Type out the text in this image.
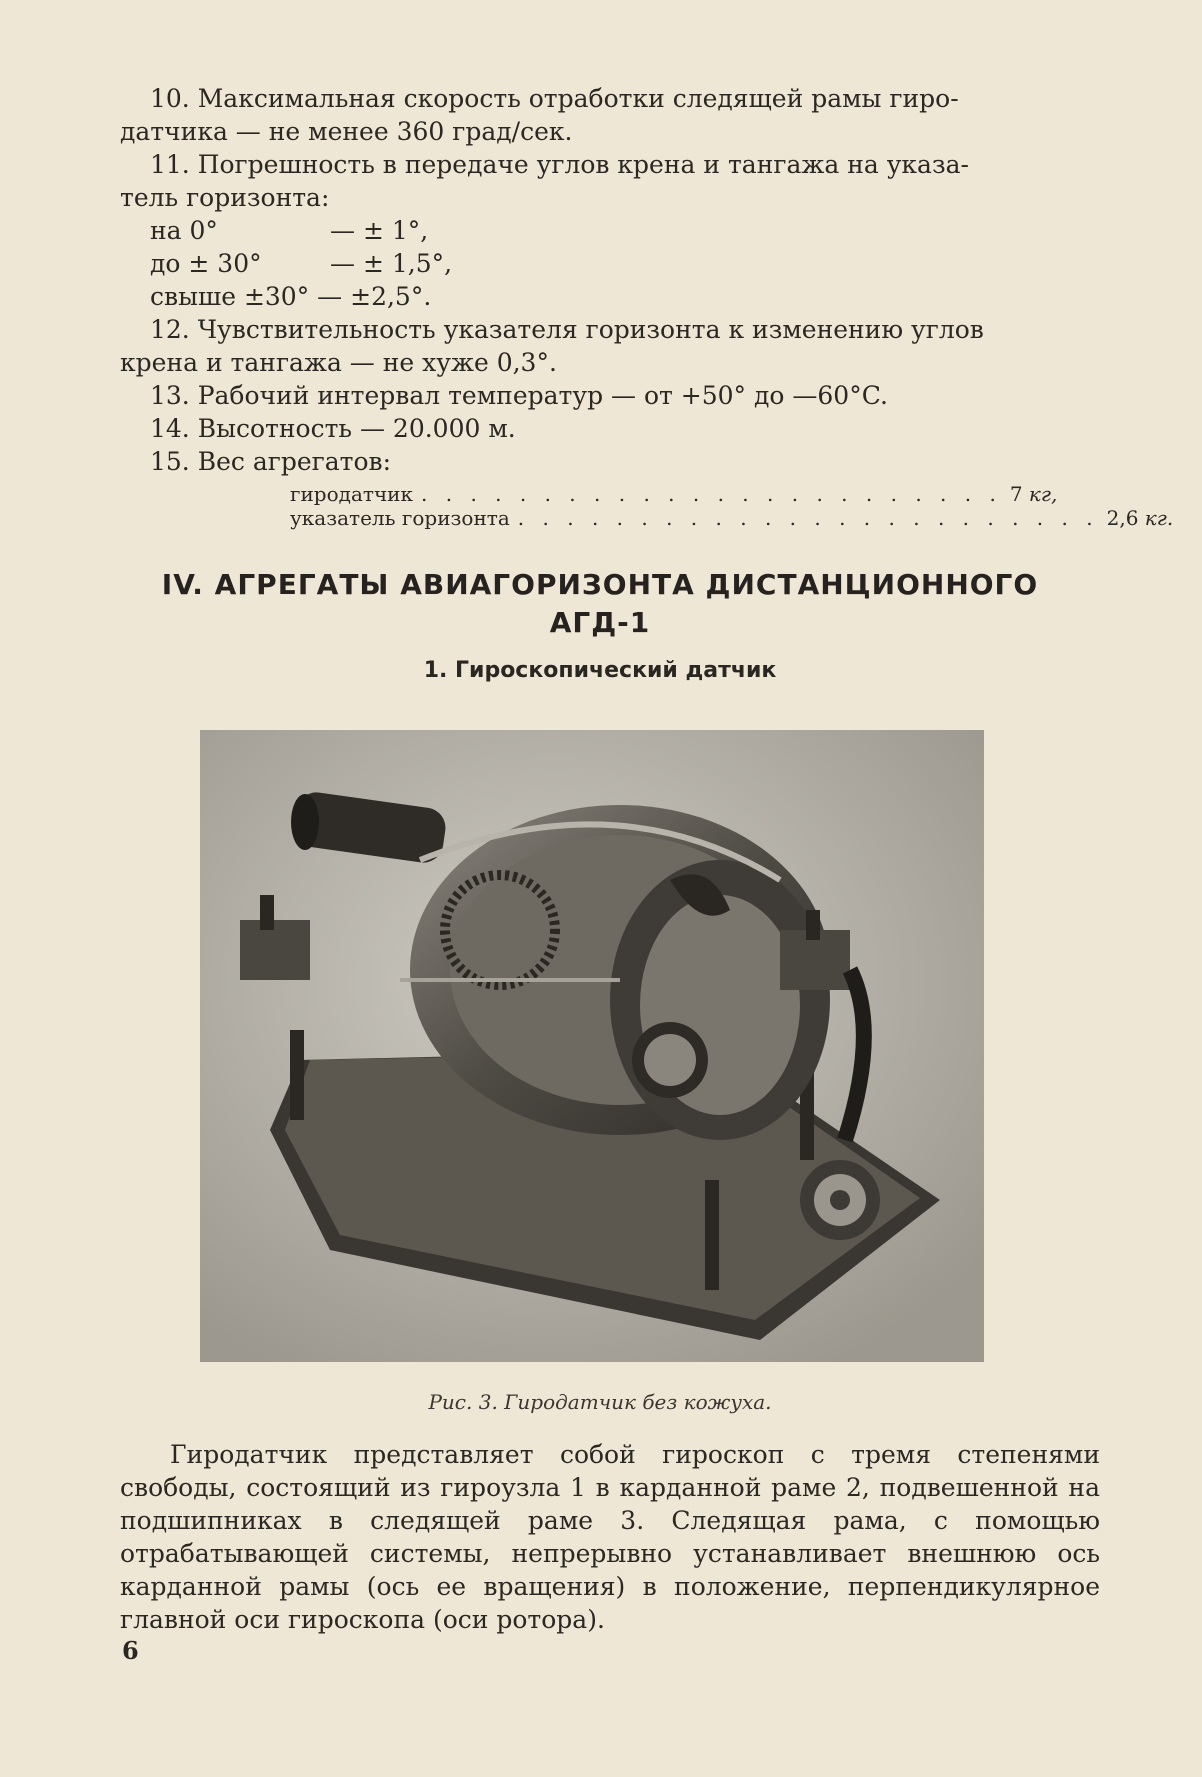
10. Максимальная скорость отработки следящей рамы гиро-
датчика — не менее 360 град/сек.

11. Погрешность в передаче углов крена и тангажа на указа-
тель горизонта:

на 0°	— ± 1°,
до ± 30°	— ± 1,5°,
свыше ±30° — ±2,5°.

12. Чувствительность указателя горизонта к изменению углов
крена и тангажа — не хуже 0,3°.

13. Рабочий интервал температур — от +50° до —60°C.

14. Высотность — 20.000 м.

15. Вес агрегатов:

гиродатчик . . . . . . . . . . . . . . . . . . . . . . . . 7 кг,
указатель горизонта . . . . . . . . . . . . . . . . . . . . . . . . 2,6 кг.
IV. АГРЕГАТЫ АВИАГОРИЗОНТА ДИСТАНЦИОННОГО
АГД-1
1. Гироскопический датчик
Рис. 3. Гиродатчик без кожуха.

Гиродатчик представляет собой гироскоп с тремя степенями свободы, состоящий из гироузла 1 в карданной раме 2, подвешенной на подшипниках в следящей раме 3. Следящая рама, с помощью отрабатывающей системы, непрерывно устанавливает внешнюю ось карданной рамы (ось ее вращения) в положение, перпендикулярное главной оси гироскопа (оси ротора).

6
